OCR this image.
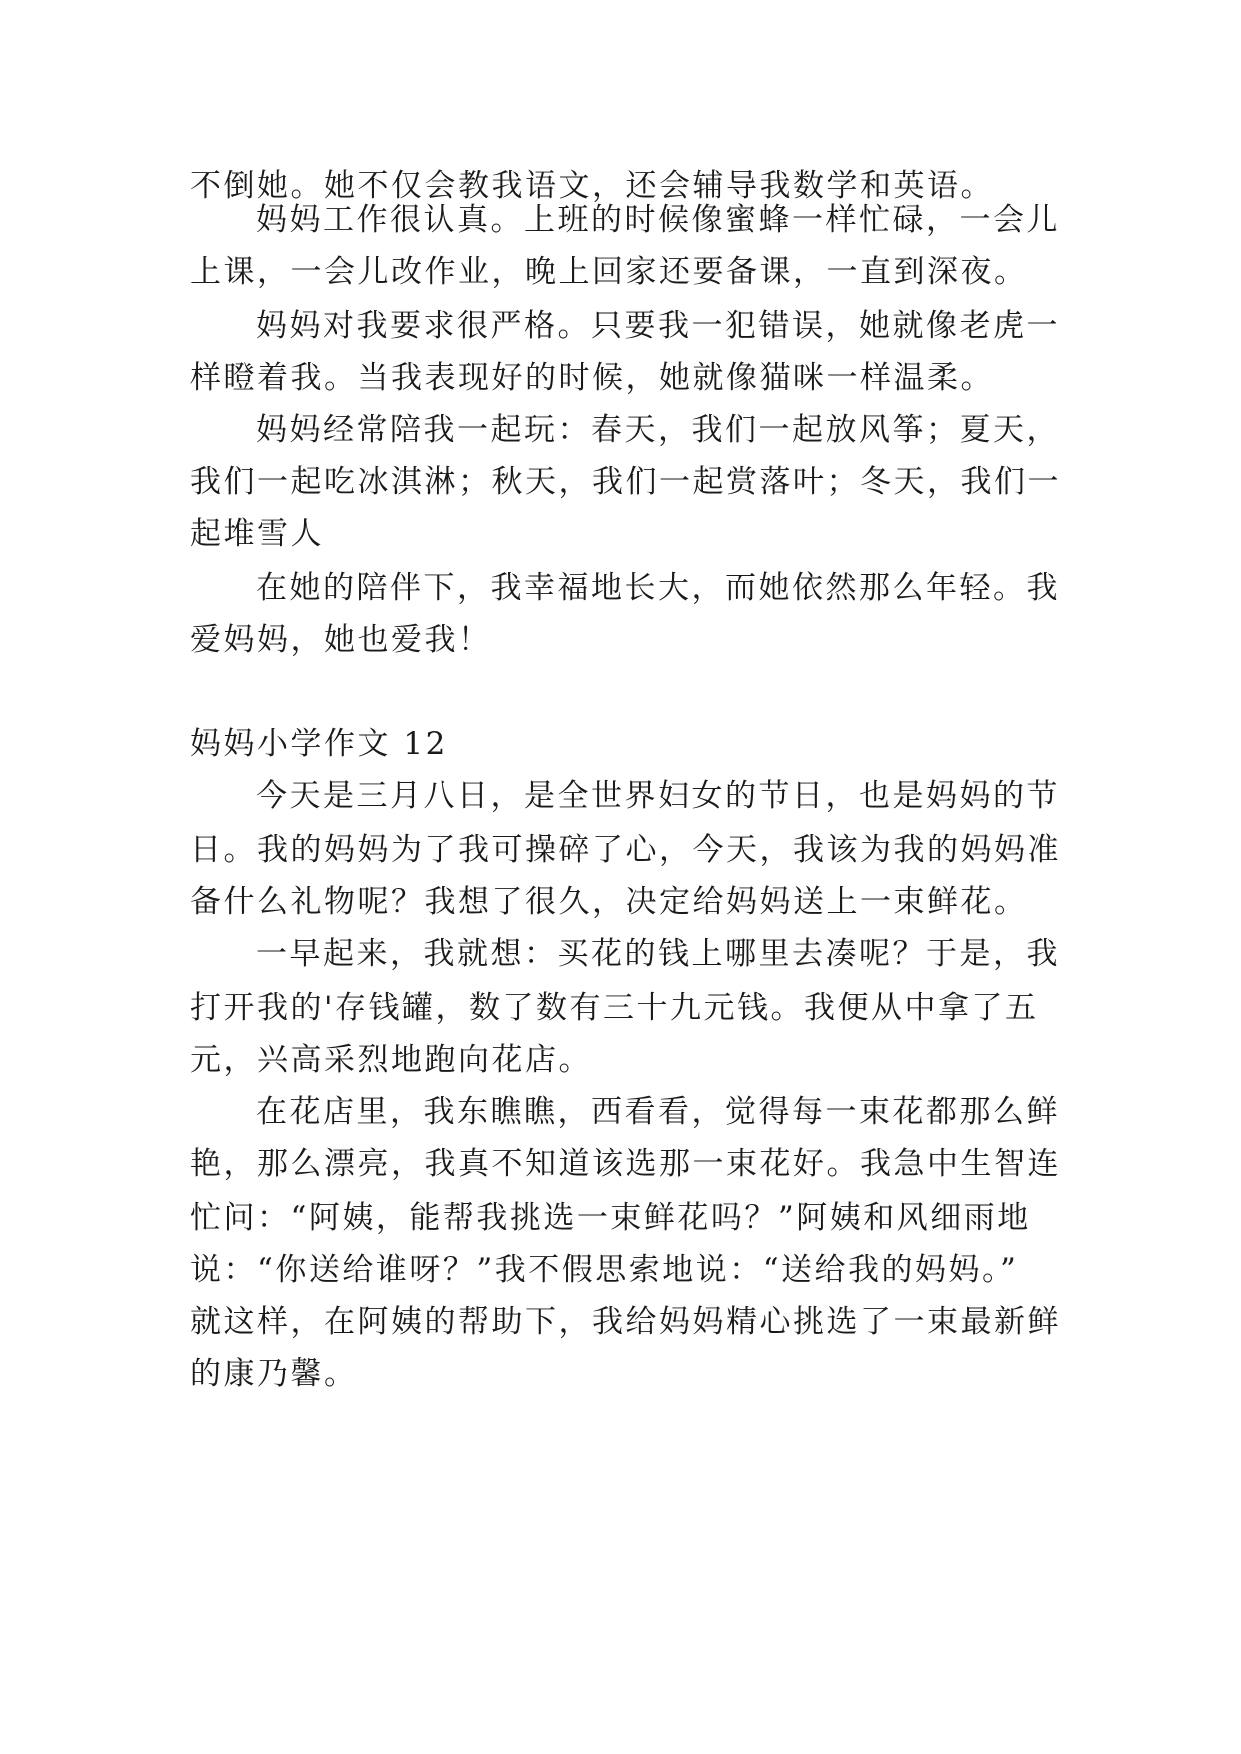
不倒她。她不仅会教我语文，还会辅导我数学和英语。
妈妈工作很认真。上班的时候像蜜蜂一样忙碌，一会儿
上课，一会儿改作业，晚上回家还要备课，一直到深夜。
妈妈对我要求很严格。只要我一犯错误，她就像老虎一
样瞪着我。当我表现好的时候，她就像猫咪一样温柔。
妈妈经常陪我一起玩：春天，我们一起放风筝；夏天，
我们一起吃冰淇淋；秋天，我们一起赏落叶；冬天，我们一
起堆雪人
在她的陪伴下，我幸福地长大，而她依然那么年轻。我
爱妈妈，她也爱我！
妈妈小学作文 12
今天是三月八日，是全世界妇女的节日，也是妈妈的节
日。我的妈妈为了我可操碎了心，今天，我该为我的妈妈准
备什么礼物呢？我想了很久，决定给妈妈送上一束鲜花。
一早起来，我就想：买花的钱上哪里去凑呢？于是，我
打开我的'存钱罐，数了数有三十九元钱。我便从中拿了五
元，兴高采烈地跑向花店。
在花店里，我东瞧瞧，西看看，觉得每一束花都那么鲜
艳，那么漂亮，我真不知道该选那一束花好。我急中生智连
忙问：“阿姨，能帮我挑选一束鲜花吗？”阿姨和风细雨地
说：“你送给谁呀？”我不假思索地说：“送给我的妈妈。”
就这样，在阿姨的帮助下，我给妈妈精心挑选了一束最新鲜
的康乃馨。
